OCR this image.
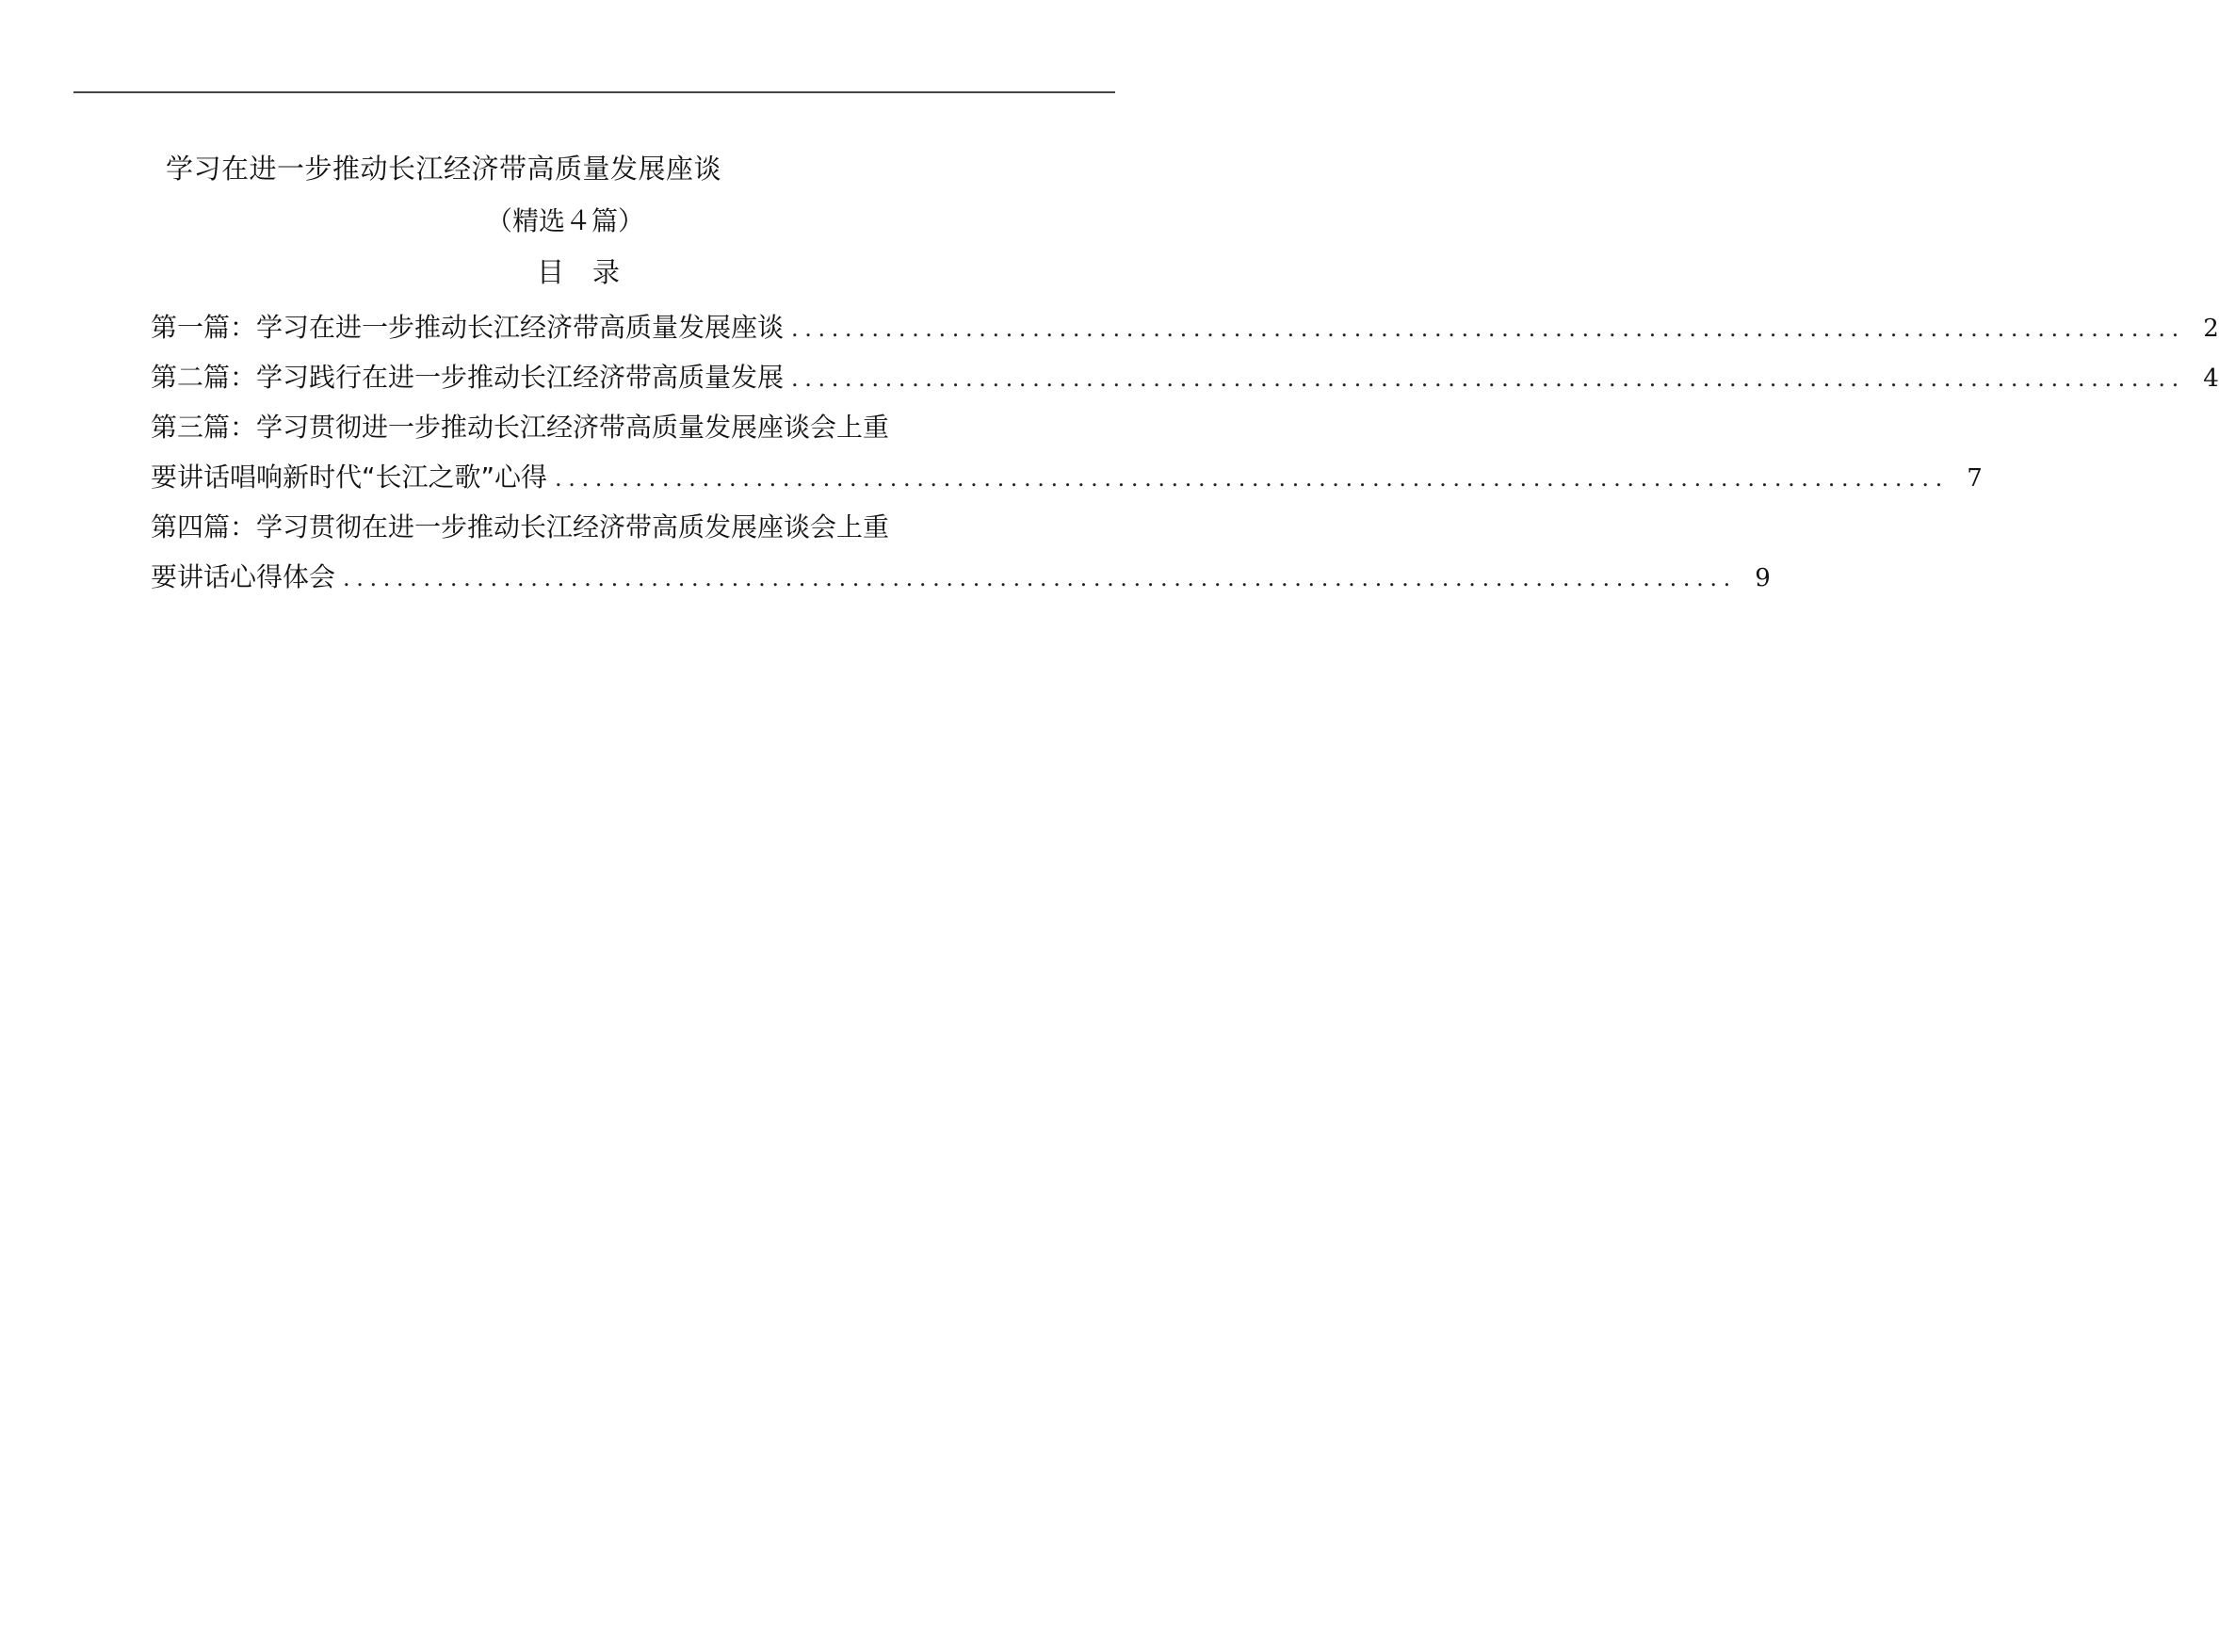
学习在进一步推动长江经济带高质量发展座谈
（精选４篇）
目录
第一篇：学习在进一步推动长江经济带高质量发展座谈 ........................................................................................................ 2
第二篇：学习践行在进一步推动长江经济带高质量发展 ........................................................................................................ 4
第三篇：学习贯彻进一步推动长江经济带高质量发展座谈会上重
要讲话唱响新时代“长江之歌”心得 ........................................................................................................ 7
第四篇：学习贯彻在进一步推动长江经济带高质发展座谈会上重
要讲话心得体会 ........................................................................................................ 9
